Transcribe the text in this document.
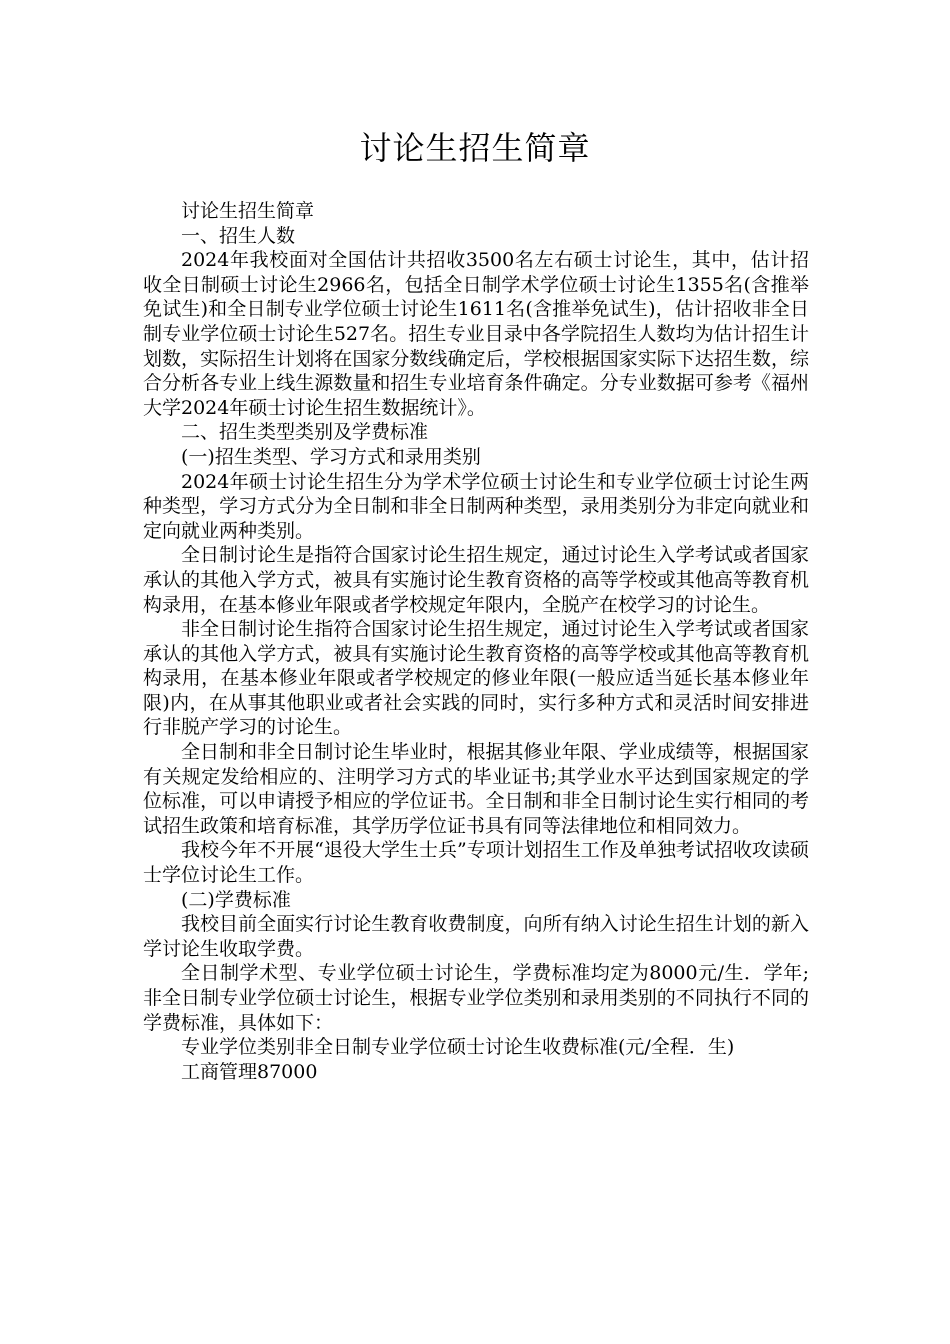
讨论生招生简章

讨论生招生简章

一、招生人数

2024年我校面对全国估计共招收3500名左右硕士讨论生，其中，估计招收全日制硕士讨论生2966名，包括全日制学术学位硕士讨论生1355名(含推举免试生)和全日制专业学位硕士讨论生1611名(含推举免试生)，估计招收非全日制专业学位硕士讨论生527名。招生专业目录中各学院招生人数均为估计招生计划数，实际招生计划将在国家分数线确定后，学校根据国家实际下达招生数，综合分析各专业上线生源数量和招生专业培育条件确定。分专业数据可参考《福州大学2024年硕士讨论生招生数据统计》。

二、招生类型类别及学费标准

(一)招生类型、学习方式和录用类别

2024年硕士讨论生招生分为学术学位硕士讨论生和专业学位硕士讨论生两种类型，学习方式分为全日制和非全日制两种类型，录用类别分为非定向就业和定向就业两种类别。

全日制讨论生是指符合国家讨论生招生规定，通过讨论生入学考试或者国家承认的其他入学方式，被具有实施讨论生教育资格的高等学校或其他高等教育机构录用，在基本修业年限或者学校规定年限内，全脱产在校学习的讨论生。

非全日制讨论生指符合国家讨论生招生规定，通过讨论生入学考试或者国家承认的其他入学方式，被具有实施讨论生教育资格的高等学校或其他高等教育机构录用，在基本修业年限或者学校规定的修业年限(一般应适当延长基本修业年限)内，在从事其他职业或者社会实践的同时，实行多种方式和灵活时间安排进行非脱产学习的讨论生。

全日制和非全日制讨论生毕业时，根据其修业年限、学业成绩等，根据国家有关规定发给相应的、注明学习方式的毕业证书;其学业水平达到国家规定的学位标准，可以申请授予相应的学位证书。全日制和非全日制讨论生实行相同的考试招生政策和培育标准，其学历学位证书具有同等法律地位和相同效力。

我校今年不开展“退役大学生士兵”专项计划招生工作及单独考试招收攻读硕士学位讨论生工作。

(二)学费标准

我校目前全面实行讨论生教育收费制度，向所有纳入讨论生招生计划的新入学讨论生收取学费。

全日制学术型、专业学位硕士讨论生，学费标准均定为8000元/生．学年;非全日制专业学位硕士讨论生，根据专业学位类别和录用类别的不同执行不同的学费标准，具体如下：

专业学位类别非全日制专业学位硕士讨论生收费标准(元/全程．生)

工商管理87000
